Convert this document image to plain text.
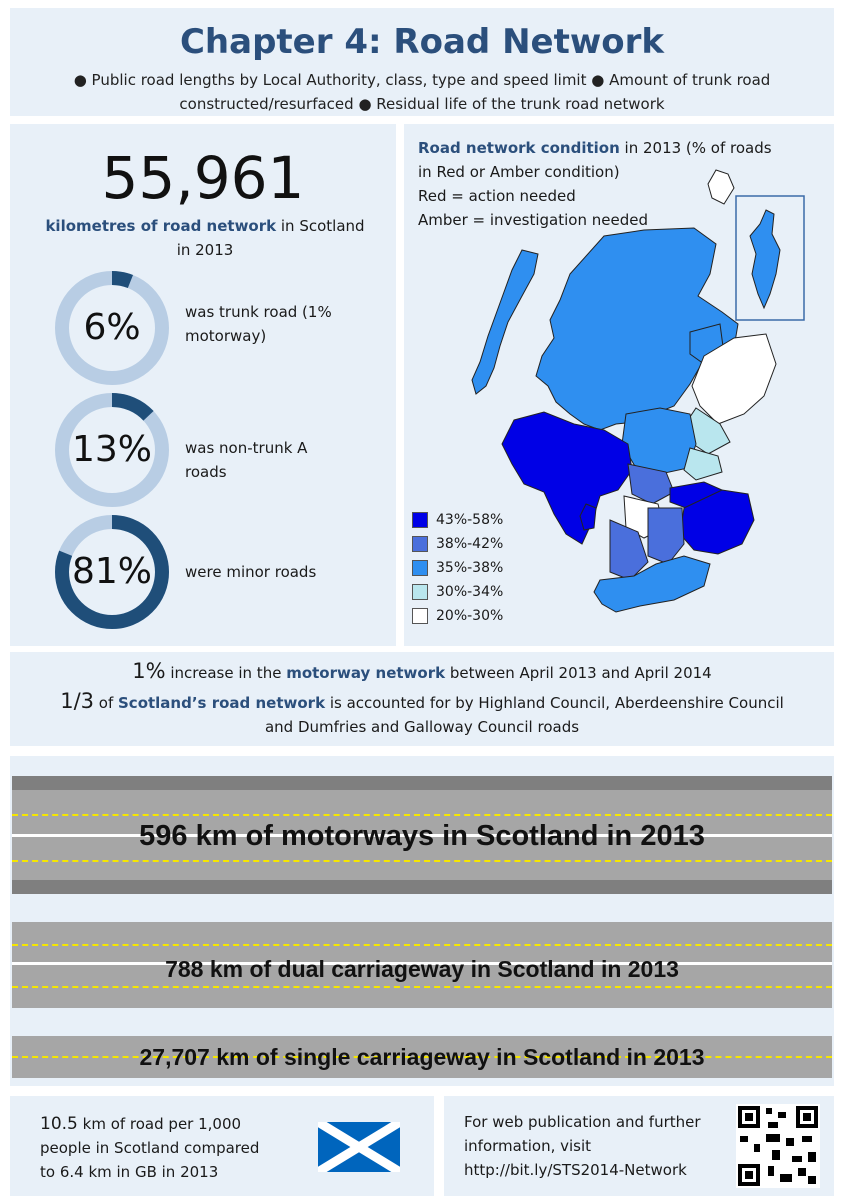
Chapter 4: Road Network
● Public road lengths by Local Authority, class, type and speed limit ● Amount of trunk road
constructed/resurfaced ● Residual life of the trunk road network
55,961
kilometres of road network in Scotland
in 2013
6%	was trunk road (1%
motorway)
13%	was non-trunk A
roads
81%	were minor roads
Road network condition in 2013 (% of roads
in Red or Amber condition)
Red = action needed
Amber = investigation needed
43%-58%
38%-42%
35%-38%
30%-34%
20%-30%
1% increase in the motorway network between April 2013 and April 2014
1/3 of Scotland’s road network is accounted for by Highland Council, Aberdeenshire Council
and Dumfries and Galloway Council roads
596 km of motorways in Scotland in 2013
788 km of dual carriageway in Scotland in 2013
27,707 km of single carriageway in Scotland in 2013
10.5 km of road per 1,000
people in Scotland compared
to 6.4 km in GB in 2013
For web publication and further
information, visit
http://bit.ly/STS2014-Network
